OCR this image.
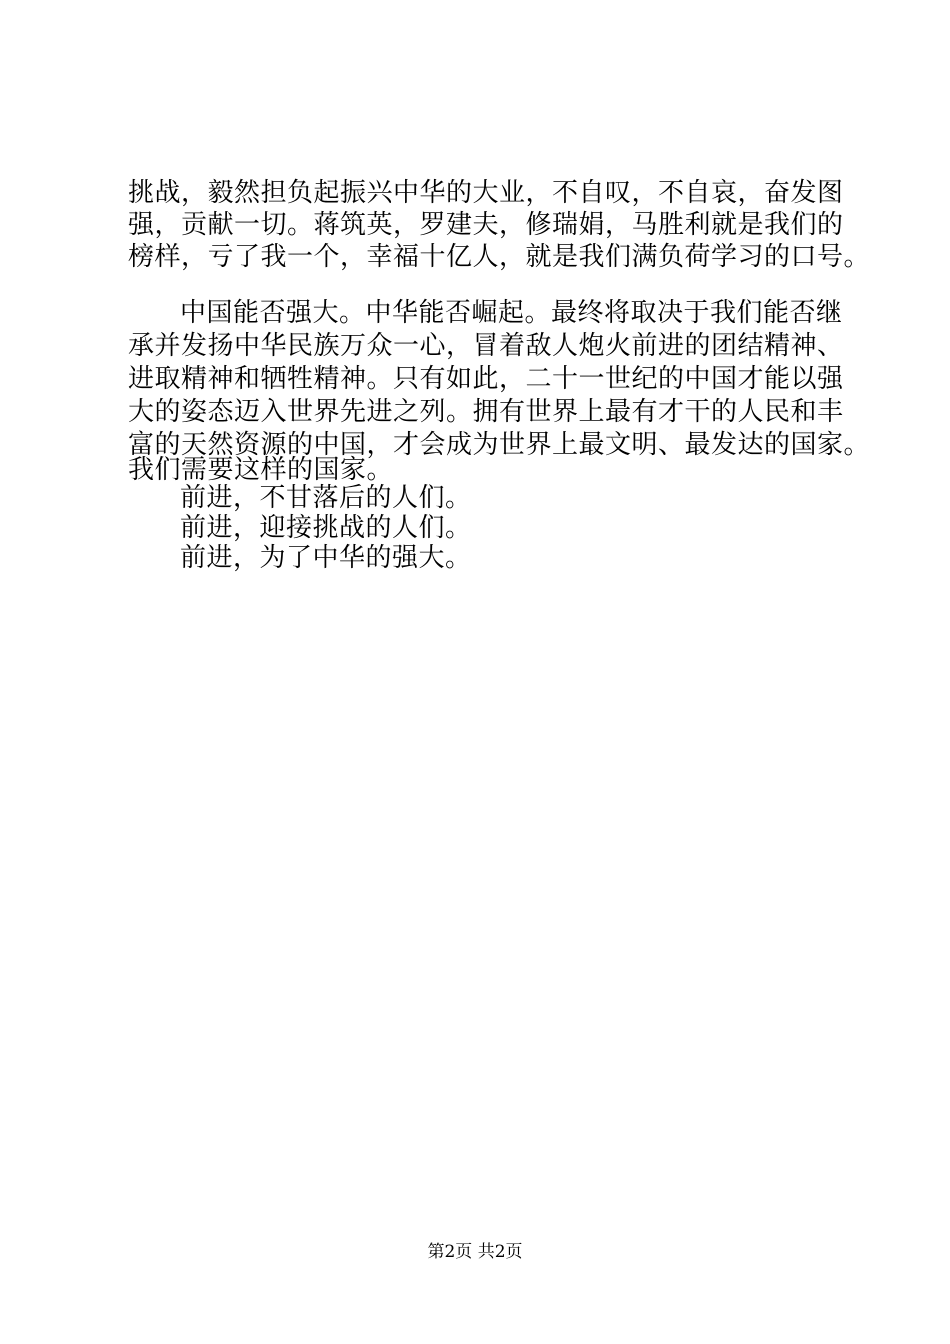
挑战，毅然担负起振兴中华的大业，不自叹，不自哀，奋发图
强，贡献一切。蒋筑英，罗建夫，修瑞娟，马胜利就是我们的
榜样，亏了我一个，幸福十亿人，就是我们满负荷学习的口号。
中国能否强大。中华能否崛起。最终将取决于我们能否继
承并发扬中华民族万众一心，冒着敌人炮火前进的团结精神、
进取精神和牺牲精神。只有如此，二十一世纪的中国才能以强
大的姿态迈入世界先进之列。拥有世界上最有才干的人民和丰
富的天然资源的中国，才会成为世界上最文明、最发达的国家。
我们需要这样的国家。
前进，不甘落后的人们。
前进，迎接挑战的人们。
前进，为了中华的强大。
第2页 共2页
